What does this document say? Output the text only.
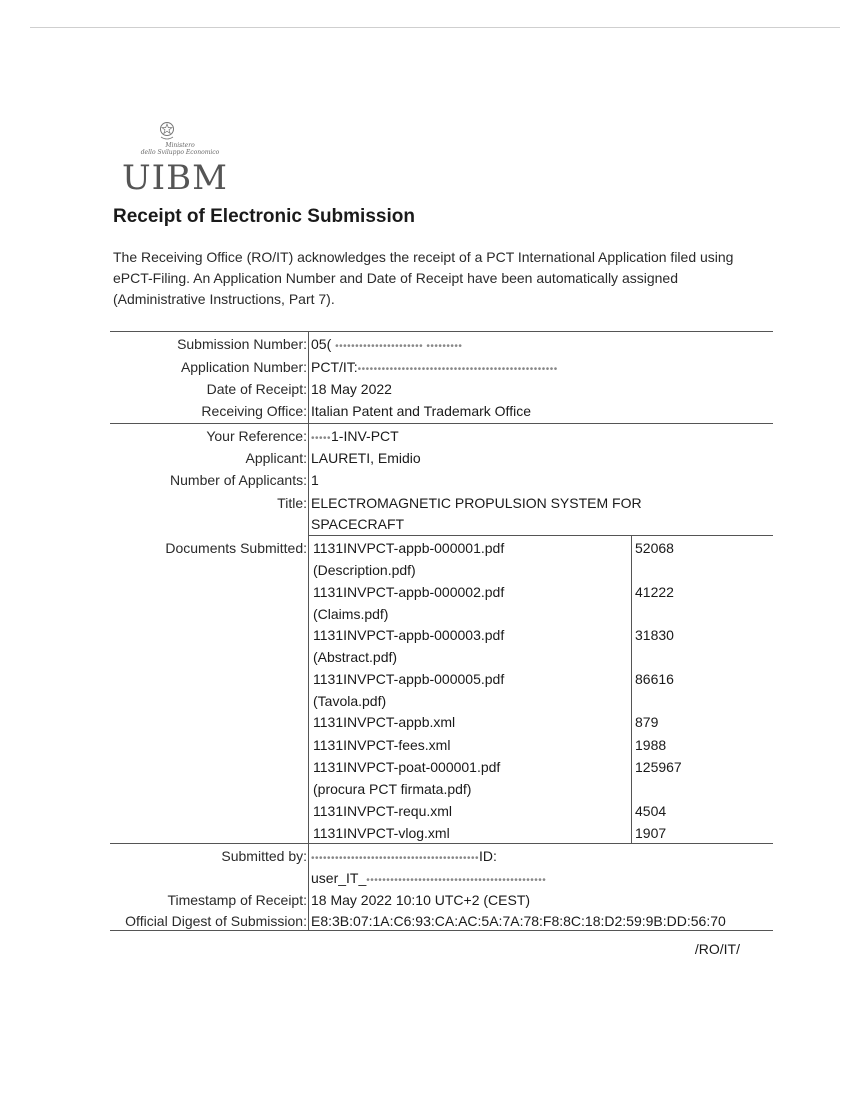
Ministero
dello Sviluppo Economico
UIBM
Receipt of Electronic Submission
The Receiving Office (RO/IT) acknowledges the receipt of a PCT International Application filed using ePCT-Filing. An Application Number and Date of Receipt have been automatically assigned (Administrative Instructions, Part 7).
Submission Number: 05( •••••••••••••••••••••• •••••••••
Application Number: PCT/IT:••••••••••••••••••••••••••••••••••••••••••••••••••
Date of Receipt: 18 May 2022
Receiving Office: Italian Patent and Trademark Office
Your Reference: •••••1-INV-PCT
Applicant: LAURETI, Emidio
Number of Applicants: 1
Title: ELECTROMAGNETIC PROPULSION SYSTEM FOR
SPACECRAFT
Documents Submitted: 1131INVPCT-appb-000001.pdf	52068
(Description.pdf)
1131INVPCT-appb-000002.pdf	41222
(Claims.pdf)
1131INVPCT-appb-000003.pdf	31830
(Abstract.pdf)
1131INVPCT-appb-000005.pdf	86616
(Tavola.pdf)
1131INVPCT-appb.xml	879
1131INVPCT-fees.xml	1988
1131INVPCT-poat-000001.pdf	125967
(procura PCT firmata.pdf)
1131INVPCT-requ.xml	4504
1131INVPCT-vlog.xml	1907
Submitted by: ••••••••••••••••••••••••••••••••••••••••••ID:
user_IT_•••••••••••••••••••••••••••••••••••••••••••••
Timestamp of Receipt: 18 May 2022 10:10 UTC+2 (CEST)
Official Digest of Submission: E8:3B:07:1A:C6:93:CA:AC:5A:7A:78:F8:8C:18:D2:59:9B:DD:56:70
/RO/IT/
